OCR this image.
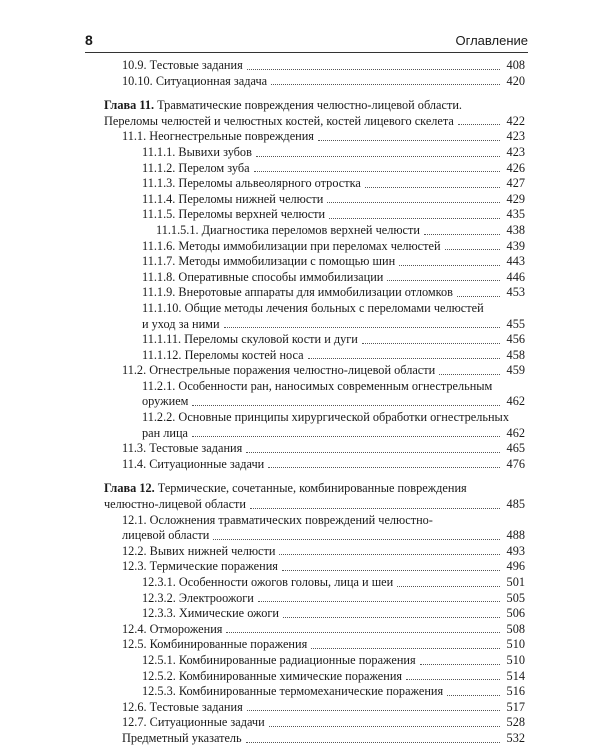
8	Оглавление
10.9. Тестовые задания	408
10.10. Ситуационная задача	420
Глава 11. Травматические повреждения челюстно-лицевой области.
Переломы челюстей и челюстных костей, костей лицевого скелета	422
11.1. Неогнестрельные повреждения	423
11.1.1. Вывихи зубов	423
11.1.2. Перелом зуба	426
11.1.3. Переломы альвеолярного отростка	427
11.1.4. Переломы нижней челюсти	429
11.1.5. Переломы верхней челюсти	435
11.1.5.1. Диагностика переломов верхней челюсти	438
11.1.6. Методы иммобилизации при переломах челюстей	439
11.1.7. Методы иммобилизации с помощью шин	443
11.1.8. Оперативные способы иммобилизации	446
11.1.9. Внеротовые аппараты для иммобилизации отломков	453
11.1.10. Общие методы лечения больных с переломами челюстей
и уход за ними	455
11.1.11. Переломы скуловой кости и дуги	456
11.1.12. Переломы костей носа	458
11.2. Огнестрельные поражения челюстно-лицевой области	459
11.2.1. Особенности ран, наносимых современным огнестрельным
оружием	462
11.2.2. Основные принципы хирургической обработки огнестрельных
ран лица	462
11.3. Тестовые задания	465
11.4. Ситуационные задачи	476
Глава 12. Термические, сочетанные, комбинированные повреждения
челюстно-лицевой области	485
12.1. Осложнения травматических повреждений челюстно-
лицевой области	488
12.2. Вывих нижней челюсти	493
12.3. Термические поражения	496
12.3.1. Особенности ожогов головы, лица и шеи	501
12.3.2. Электроожоги	505
12.3.3. Химические ожоги	506
12.4. Отморожения	508
12.5. Комбинированные поражения	510
12.5.1. Комбинированные радиационные поражения	510
12.5.2. Комбинированные химические поражения	514
12.5.3. Комбинированные термомеханические поражения	516
12.6. Тестовые задания	517
12.7. Ситуационные задачи	528
Предметный указатель	532
